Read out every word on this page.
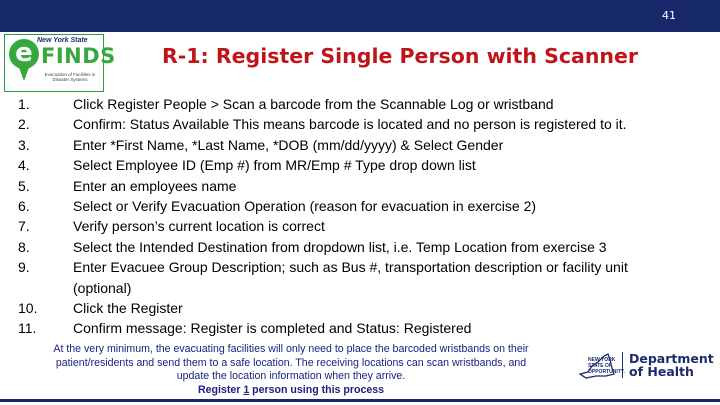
41
e New York State
FINDS
Evacuation of Facilities in Disaster Systems
R-1: Register Single Person with Scanner
1.	Click Register People > Scan a barcode from the Scannable Log or wristband
2.	Confirm: Status Available This means barcode is located and no person is registered to it.
3.	Enter *First Name, *Last Name, *DOB (mm/dd/yyyy) & Select Gender
4.	Select Employee ID (Emp #) from MR/Emp # Type drop down list
5.	Enter an employees name
6.	Select or Verify Evacuation Operation (reason for evacuation in exercise 2)
7.	Verify person’s current location is correct
8.	Select the Intended Destination from dropdown list, i.e. Temp Location from exercise 3
9.	Enter Evacuee Group Description; such as Bus #, transportation description or facility unit
(optional)
10.	Click the Register
11.	Confirm message: Register is completed and Status: Registered
At the very minimum, the evacuating facilities will only need to place the barcoded wristbands on their
patient/residents and send them to a safe location. The receiving locations can scan wristbands, and
update the location information when they arrive.
Register 1 person using this process
NEW YORK
STATE OF
OPPORTUNITY.
Department
of Health
